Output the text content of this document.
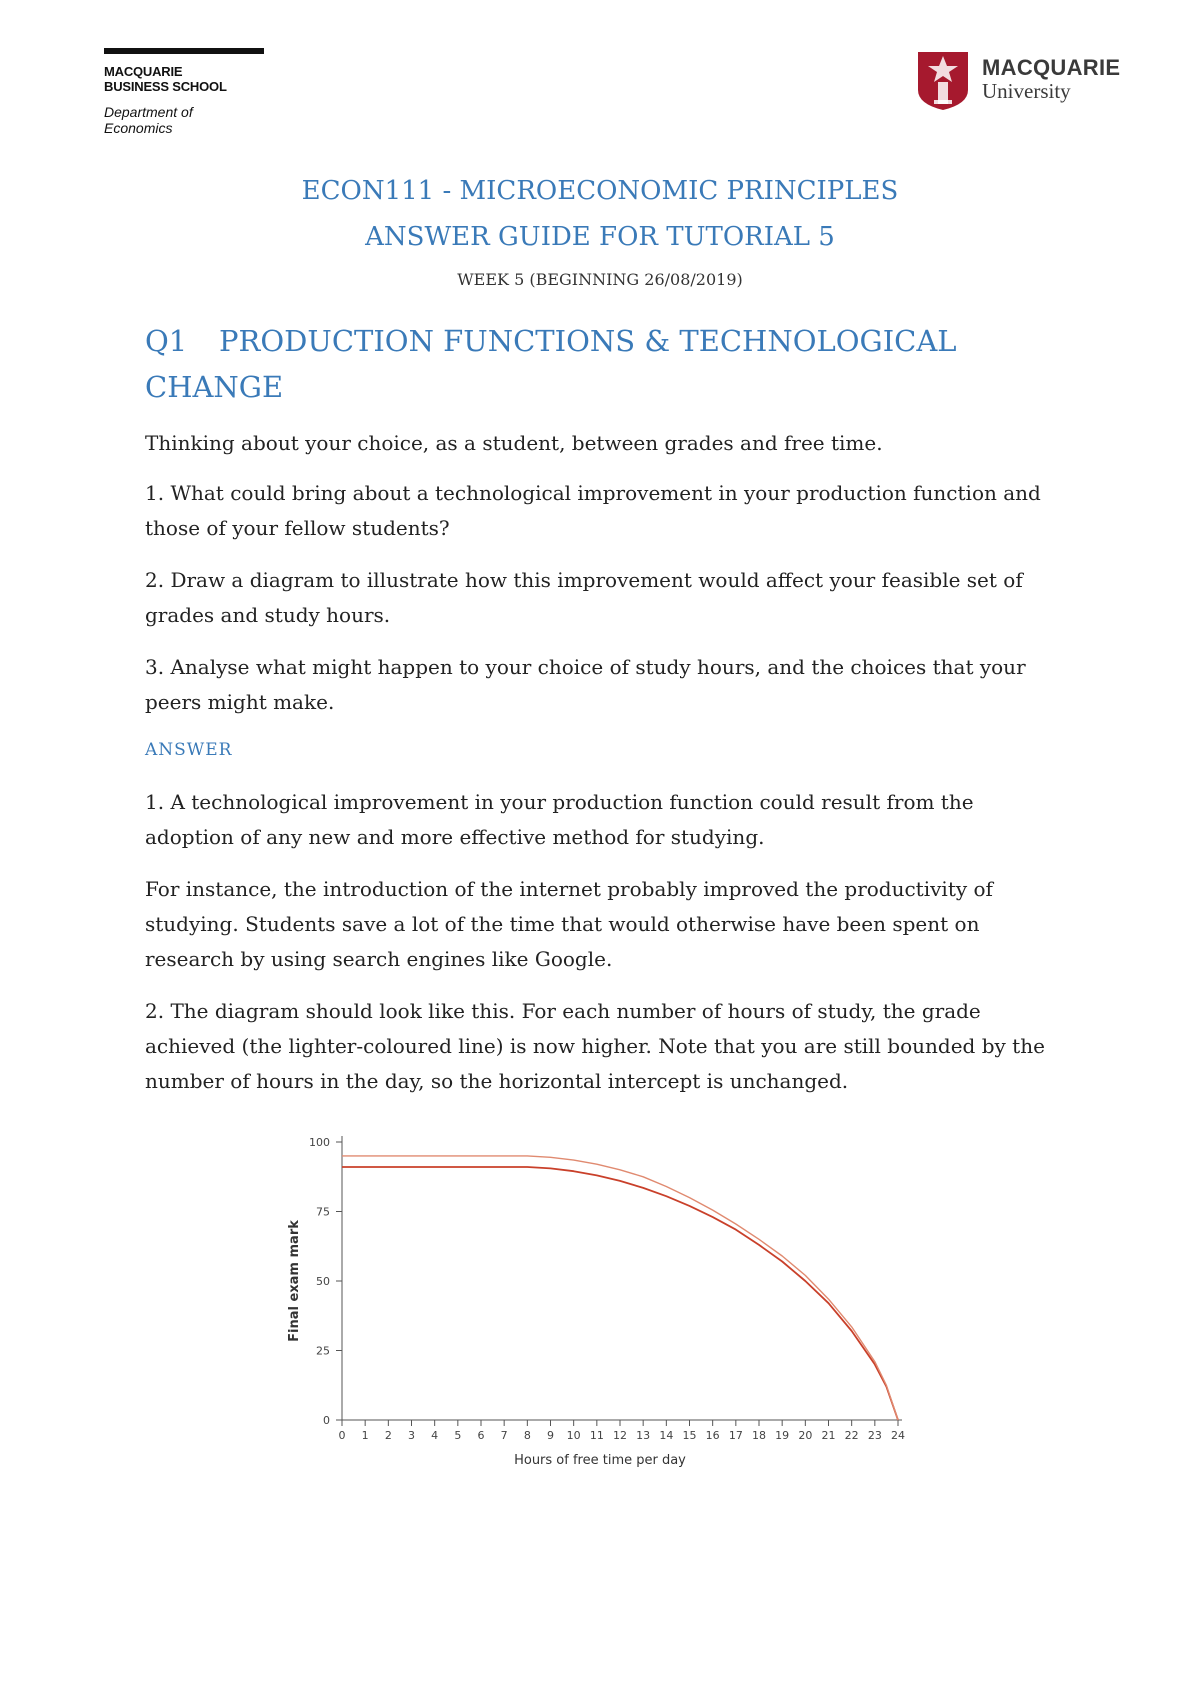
MACQUARIE
BUSINESS SCHOOL
Department of Economics
MACQUARIE
University
ECON111 - MICROECONOMIC PRINCIPLES
ANSWER GUIDE FOR TUTORIAL 5
WEEK 5 (BEGINNING 26/08/2019)
Q1 PRODUCTION FUNCTIONS & TECHNOLOGICAL CHANGE
Thinking about your choice, as a student, between grades and free time.
1. What could bring about a technological improvement in your production function and those of your fellow students?
2. Draw a diagram to illustrate how this improvement would affect your feasible set of grades and study hours.
3. Analyse what might happen to your choice of study hours, and the choices that your peers might make.
ANSWER
1. A technological improvement in your production function could result from the adoption of any new and more effective method for studying.
For instance, the introduction of the internet probably improved the productivity of studying. Students save a lot of the time that would otherwise have been spent on research by using search engines like Google.
2. The diagram should look like this. For each number of hours of study, the grade achieved (the lighter-coloured line) is now higher. Note that you are still bounded by the number of hours in the day, so the horizontal intercept is unchanged.
0
25
50
75
100
0 1 2 3 4 5 6 7 8 9 10 11 12 13 14 15 16 17 18 19 20 21 22 23 24
Hours of free time per day
Final exam mark
